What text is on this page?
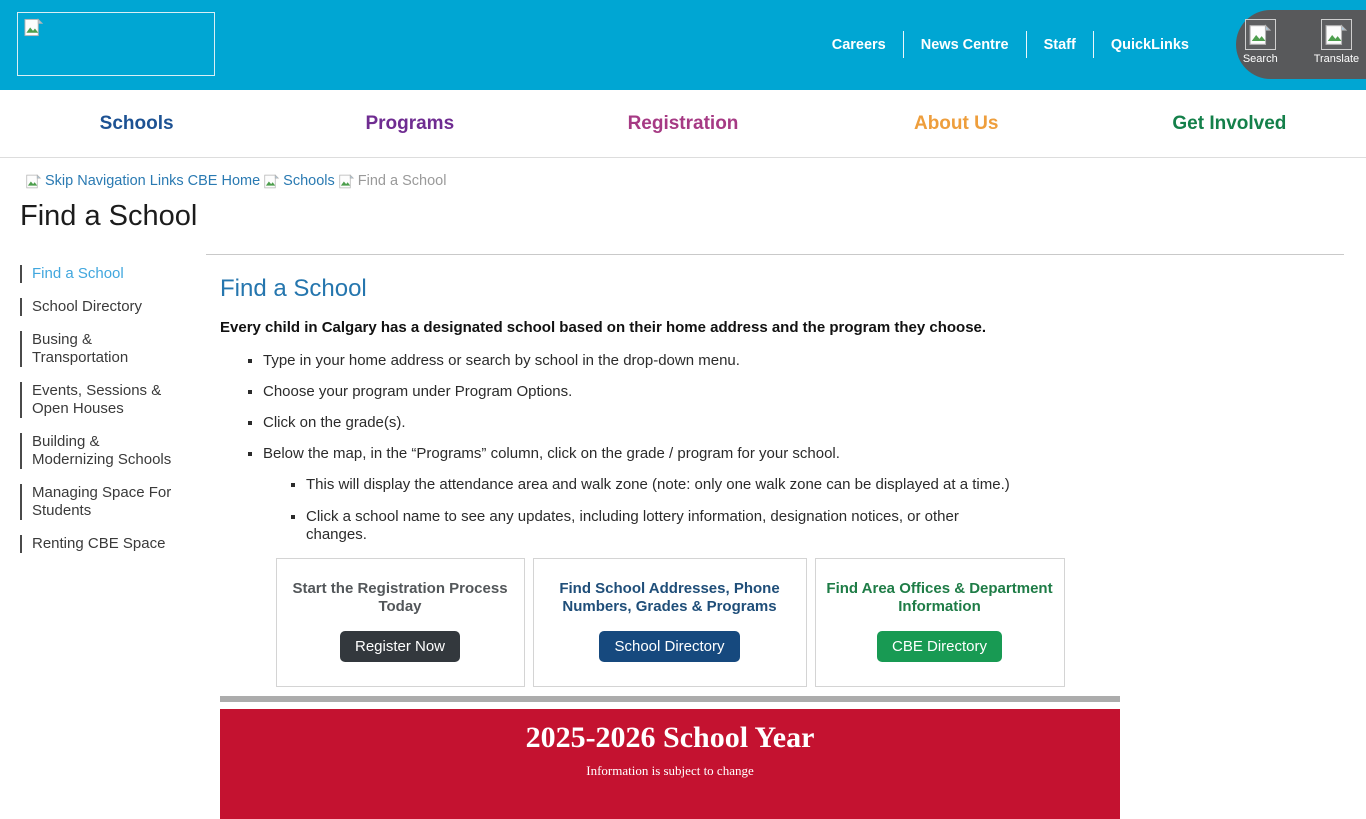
Careers	News Centre	Staff	QuickLinks
Search	Translate
Schools	Programs	Registration	About Us	Get Involved
Skip Navigation Links CBE Home Schools Find a School
Find a School
Find a School
School Directory
Busing & Transportation
Events, Sessions & Open Houses
Building & Modernizing Schools
Managing Space For Students
Renting CBE Space
Find a School

Every child in Calgary has a designated school based on their home address and the program they choose.

▪ Type in your home address or search by school in the drop-down menu.
▪ Choose your program under Program Options.
▪ Click on the grade(s).
▪ Below the map, in the “Programs” column, click on the grade / program for your school.
▪ This will display the attendance area and walk zone (note: only one walk zone can be displayed at a time.)
▪ Click a school name to see any updates, including lottery information, designation notices, or other changes.
Start the Registration Process Today
Register Now
Find School Addresses, Phone Numbers, Grades & Programs
School Directory
Find Area Offices & Department Information
CBE Directory
2025-2026 School Year
Information is subject to change
